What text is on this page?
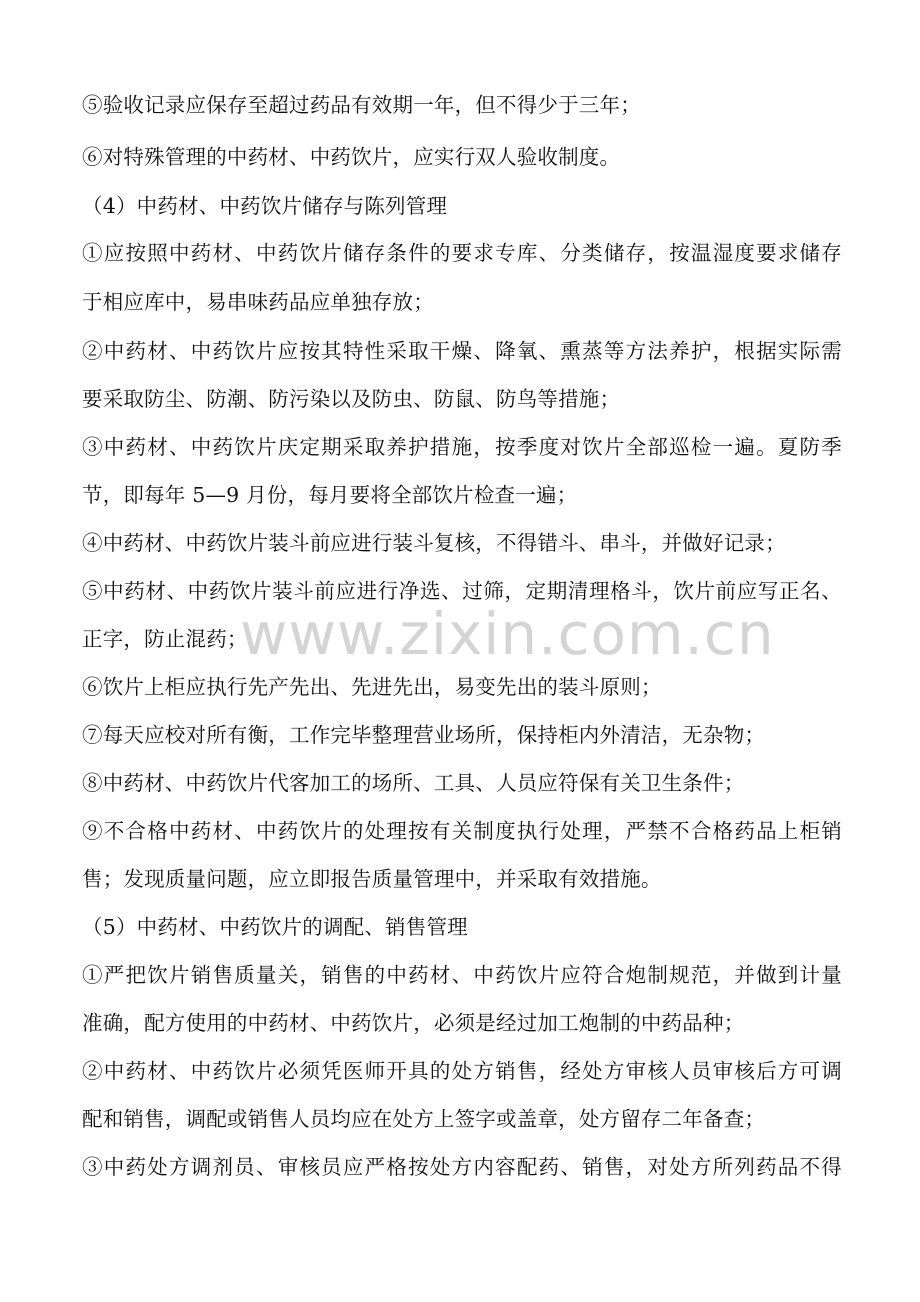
⑤验收记录应保存至超过药品有效期一年，但不得少于三年；
⑥对特殊管理的中药材、中药饮片，应实行双人验收制度。
（4）中药材、中药饮片储存与陈列管理
①应按照中药材、中药饮片储存条件的要求专库、分类储存，按温湿度要求储存
于相应库中，易串味药品应单独存放；
②中药材、中药饮片应按其特性采取干燥、降氧、熏蒸等方法养护，根据实际需
要采取防尘、防潮、防污染以及防虫、防鼠、防鸟等措施；
③中药材、中药饮片庆定期采取养护措施，按季度对饮片全部巡检一遍。夏防季
节，即每年 5—9 月份，每月要将全部饮片检查一遍；
④中药材、中药饮片装斗前应进行装斗复核，不得错斗、串斗，并做好记录；
⑤中药材、中药饮片装斗前应进行净选、过筛，定期清理格斗，饮片前应写正名、
正字，防止混药；
⑥饮片上柜应执行先产先出、先进先出，易变先出的装斗原则；
⑦每天应校对所有衡，工作完毕整理营业场所，保持柜内外清洁，无杂物；
⑧中药材、中药饮片代客加工的场所、工具、人员应符保有关卫生条件；
⑨不合格中药材、中药饮片的处理按有关制度执行处理，严禁不合格药品上柜销
售；发现质量问题，应立即报告质量管理中，并采取有效措施。
（5）中药材、中药饮片的调配、销售管理
①严把饮片销售质量关，销售的中药材、中药饮片应符合炮制规范，并做到计量
准确，配方使用的中药材、中药饮片，必须是经过加工炮制的中药品种；
②中药材、中药饮片必须凭医师开具的处方销售，经处方审核人员审核后方可调
配和销售，调配或销售人员均应在处方上签字或盖章，处方留存二年备查；
③中药处方调剂员、审核员应严格按处方内容配药、销售，对处方所列药品不得
www.zixin.com.cn
